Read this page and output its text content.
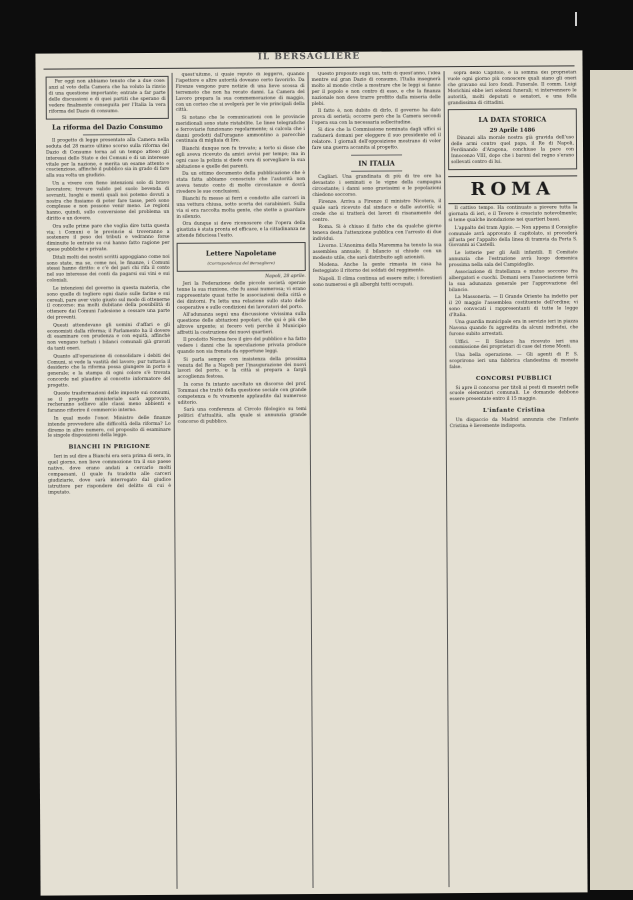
IL BERSAGLIERE

Per oggi non abbiamo tenuto che a due cose: anzi al voto della Camera che ha voluto la rinvio di una questione importante; entrate a far parte delle discussioni e di quei partiti che sperano di vedere finalmente conseguita per l'Italia la vera riforma del Dazio di consumo.

La riforma del Dazio Consumo

Il progetto di legge presentato alla Camera nella seduta del 28 marzo ultimo scorso sulla riforma del Dazio di Consumo torna ad un tempo atteso gli interessi dello Stato e dei Comuni e di un interesse vitale per la nazione, e merita un esame attento e coscienzioso, affinchè il pubblico sia in grado di fare alla sua volta un giudizio.

Un a vivere con fieno intenzioni solo di bravo lavoratore; trovare valido pel suolo bevenda di sovranti, luoghi e menti quali noi potemo dovuti a nostra che fissiamo di poter fare tasse, però sono complesse e non possono venir meno. Le regioni hanno, quindi, sullo conversione del problema un diritto e un dovere.

Ora sulle prime pare che voglia dire tutta questa via; i Comuni e le provincie si troveranno a sostenere il peso dei tributi e vedranno forse diminuite le entrate su cui hanno fatto ragione per spese pubbliche e private.

Ditali molti dei nostri scritti appoggiano come noi sono state, ma se, come noi, le finanze, i Comuni stessi hanno diritto: e c'è del pari chi rifa il conto nel suo interesse dei conti da pagarsi sui vini e sui coloniali.

Le intenzioni del governo in questa materia, che sono quelle di togliere ogni dazio sulle farine e sui cereali, pare aver visto giusto sul modo di ottenerne il concorso: ma molti dubitano della possibilità di ottenere dai Comuni l'adesione a cessare una parte dei proventi.

Questi attendevano gli uomini d'affari e gli economisti dalla riforma; il Parlamento ha il dovere di esaminare con prudenza e con equità, affinchè non vengano turbati i bilanci comunali già gravati da tanti oneri.

Quanto all'operazione di consolidare i debiti dei Comuni, si vede la vastità del lavoro; pur tuttavia il desiderio che la riforma possa giungere in porto è generale; e la stampa di ogni colore s'è trovata concorde nel plaudire al concetto informatore del progetto.

Queste trasformazioni delle imposte sui consumi, se il progetto ministeriale sarà approvato, recheranno sollievo alle classi meno abbienti e faranno rifiorire il commercio interno.

In qual modo l'onor. Ministro delle finanze intende provvedere alle difficoltà della riforma? Lo diremo in altro numero, col proposito di esaminare le singole disposizioni della legge.

BIANCHI IN PRIGIONE

Ieri in sul dire a Bianchi era sera prima di sera, in quel giorno, non lieve commozione tra il suo paese nativo, dove erano andati a cercarlo molti compaesani, il quale fu tradotto alle carceri giudiziarie, dove sarà interrogato dal giudice istruttore per rispondere del delitto di cui è imputato.

quest'ultimo, il quale reputò di leggervi, quando l'ispettore e altre autorità doveano certo favorirlo. Da Firenze vengono pure notizie di una lieve scossa di terremoto che non ha recato danni. La Camera del Lavoro prepara la sua commemorazione di maggio, con un corteo che si svolgerà per le vie principali della città.

Si notano che le comunicazioni con le provincie meridionali sono state ristabilite. Le linee telegrafiche e ferroviarie funzionano regolarmente; si calcola che i danni prodotti dall'uragano ammontino a parecchie centinaia di migliaia di lire.

Bianchi dunque non fu trovato; a torto si disse che egli aveva ricevuto da amici avvisi per tempo; ma in ogni caso la polizia si diede cura di sorvegliare la sua abitazione e quelle dei parenti.

Da un ottimo documento della pubblicazione che è stata fatta abbiamo conosciuto che l'autorità non aveva tenuto conto di molte circostanze e dovrà rivedere le sue conclusioni.

Bianchi fu messo ai ferri e condotto alle carceri in una vettura chiusa, sotto scorta dei carabinieri. Sulla via si era raccolta molta gente, che stette a guardare in silenzio.

Ora dunque si deve riconoscere che l'opera della giustizia è stata pronta ed efficace, e la cittadinanza ne attende fiduciosa l'esito.

Lettere Napoletane
(Corrispondenza del Bersagliere)

Napoli, 28 aprile.

Jeri la Federazione delle piccole società operaie tenne la sua riunione, che fu assai numerosa; vi erano rappresentate quasi tutte le associazioni della città e dei dintorni. Fu letta una relazione sullo stato delle cooperative e sulle condizioni dei lavoratori del porto.

All'adunanza seguì una discussione vivissima sulla questione delle abitazioni popolari, che qui è più che altrove urgente; si fecero voti perchè il Municipio affretti la costruzione dei nuovi quartieri.

Il prodotto Norina fece il giro del pubblico e ha fatto vedere i danni che la speculazione privata produce quando non sia frenata da opportune leggi.

Si parla sempre con insistenza della prossima venuta del Re a Napoli per l'inaugurazione dei nuovi lavori del porto, e la città si prepara a fargli accoglienza festosa.

In corso fu intanto ascoltato un discorso del prof. Tommasi che trattò della questione sociale con grande competenza e fu vivamente applaudito dal numeroso uditorio.

Sarà una conferenza al Circolo filologico su temi politici d'attualità, alla quale si annunzia grande concorso di pubblico.

Questo proposito sugli usi, tutti di quest'anno, l'idea mentre sul gran Dazio di consumo, l'Italia insegnerà molto al mondo civile a mostrare che le leggi si fanno per il popolo e non contro di esso, e che la finanza nazionale non deve trarre profitto dalla miseria delle plebi.

Il fatto è, non dubito di dirlo, il governo ha dato prova di serietà; occorre però che la Camera secondi l'opera sua con la necessaria sollecitudine.

Si dice che la Commissione nominata dagli uffici si radunerà domani per eleggere il suo presidente ed il relatore. I giornali dell'opposizione mostrano di voler fare una guerra accanita al progetto.

IN ITALIA

Cagliari. Una grandinata di più di tre ore ha devastato i seminati e le vigne della campagna circostante; i danni sono gravissimi e le popolazioni chiedono soccorso.

Firenze. Arriva a Firenze il ministro Nicotera, il quale sarà ricevuto dal sindaco e dalle autorità; si crede che si tratterà dei lavori di risanamento del centro.

Roma. Si è chiuso il fatto che da qualche giorno teneva desta l'attenzione pubblica con l'arresto di due individui.

Livorno. L'Anonima della Maremma ha tenuto la sua assemblea annuale; il bilancio si chiude con un modesto utile, che sarà distribuito agli azionisti.

Modena. Anche la gente rimasta in casa ha festeggiato il ritorno dei soldati del reggimento.

Napoli. Il clima continua ad essere mite; i forestieri sono numerosi e gli alberghi tutti occupati.

sopra dello Capitolo, e la somma dei proprietari vuole ogni giorno più conoscere quali siano gli oneri che gravano sui loro fondi. Funerale. Il comm. Luigi Morichini ebbe ieri solenni funerali; vi intervennero le autorità, molti deputati e senatori, e una folla grandissima di cittadini.

LA DATA STORICA
29 Aprile 1486

Dinanzi alla morale nostra già gravida dell'uso delle armi contro quel papa, il Re di Napoli, Ferdinando d'Aragona, conchiuse la pace con Innocenzo VIII, dopo che i baroni del regno s'erano sollevati contro di lui.

ROMA

Il cattivo tempo. Ha continuato a piovere tutta la giornata di ieri, e il Tevere è cresciuto notevolmente; si teme qualche inondazione nei quartieri bassi.

L'appalto del tram Appio. — Non appena il Consiglio comunale avrà approvato il capitolato, si procederà all'asta per l'appalto della linea di tramvia da Porta S. Giovanni ai Castelli.

Le lotterie per gli Asili infantili. Il Comitato annunzia che l'estrazione avrà luogo domenica prossima nella sala del Campidoglio.

Associazione di fratellanza e mutuo soccorso fra albergatori e cuochi. Domani sera l'associazione terrà la sua adunanza generale per l'approvazione del bilancio.

La Massoneria. — Il Grande Oriente ha indetto per il 20 maggio l'assemblea costituente dell'ordine; vi sono convocati i rappresentanti di tutte le logge d'Italia.

Una guardia municipale era in servizio ieri in piazza Navona quando fu aggredita da alcuni individui, che furono subito arrestati.

Uffici. — Il Sindaco ha ricevuto ieri una commissione dei proprietari di case del rione Monti.

Una bella operazione. — Gli agenti di P. S. scoprirono ieri una fabbrica clandestina di monete false.

CONCORSI PUBBLICI

Si apre il concorso per titoli ai posti di maestri nelle scuole elementari comunali. Le domande debbono essere presentate entro il 15 maggio.

L'infante Cristina

Un dispaccio da Madrid annunzia che l'infante Cristina è lievemente indisposta.
